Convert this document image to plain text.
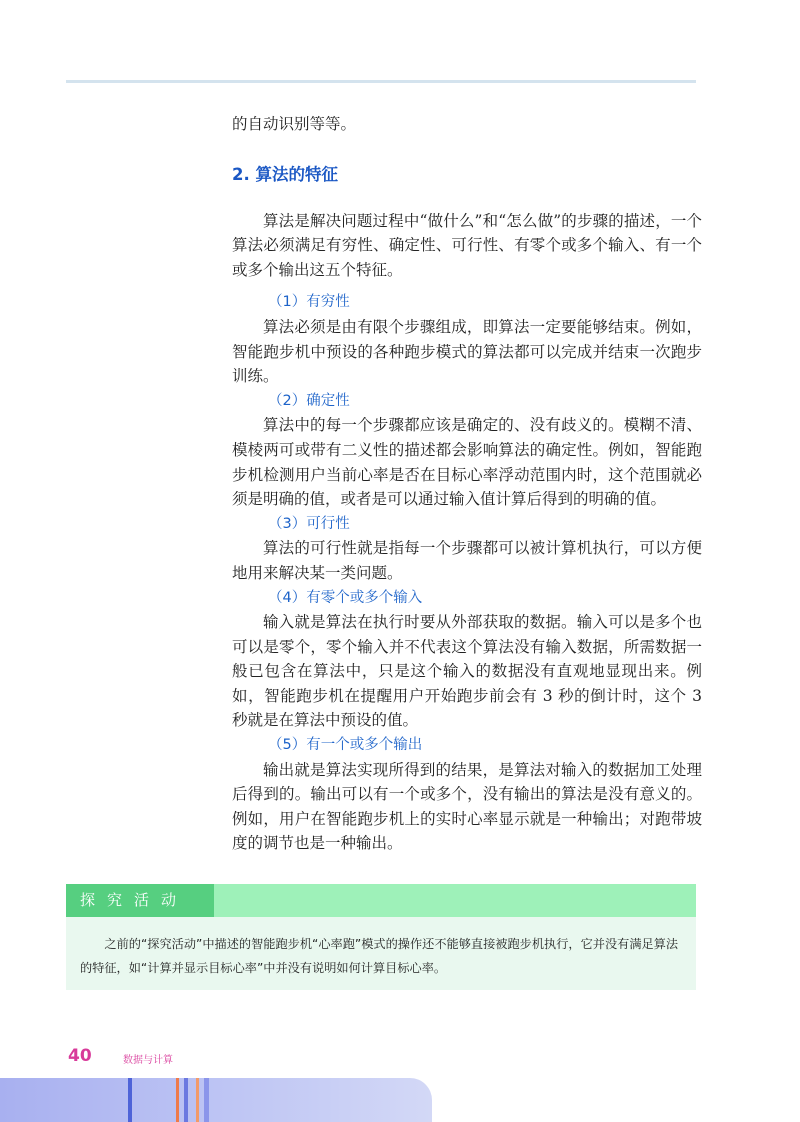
的自动识别等等。

2. 算法的特征

算法是解决问题过程中“做什么”和“怎么做”的步骤的描述，一个算法必须满足有穷性、确定性、可行性、有零个或多个输入、有一个或多个输出这五个特征。

（1）有穷性

算法必须是由有限个步骤组成，即算法一定要能够结束。例如，智能跑步机中预设的各种跑步模式的算法都可以完成并结束一次跑步训练。

（2）确定性

算法中的每一个步骤都应该是确定的、没有歧义的。模糊不清、模棱两可或带有二义性的描述都会影响算法的确定性。例如，智能跑步机检测用户当前心率是否在目标心率浮动范围内时，这个范围就必须是明确的值，或者是可以通过输入值计算后得到的明确的值。

（3）可行性

算法的可行性就是指每一个步骤都可以被计算机执行，可以方便地用来解决某一类问题。

（4）有零个或多个输入

输入就是算法在执行时要从外部获取的数据。输入可以是多个也可以是零个，零个输入并不代表这个算法没有输入数据，所需数据一般已包含在算法中，只是这个输入的数据没有直观地显现出来。例如，智能跑步机在提醒用户开始跑步前会有 3 秒的倒计时，这个 3 秒就是在算法中预设的值。

（5）有一个或多个输出

输出就是算法实现所得到的结果，是算法对输入的数据加工处理后得到的。输出可以有一个或多个，没有输出的算法是没有意义的。例如，用户在智能跑步机上的实时心率显示就是一种输出；对跑带坡度的调节也是一种输出。

探究活动

之前的“探究活动”中描述的智能跑步机“心率跑”模式的操作还不能够直接被跑步机执行，它并没有满足算法的特征，如“计算并显示目标心率”中并没有说明如何计算目标心率。

40	数据与计算
